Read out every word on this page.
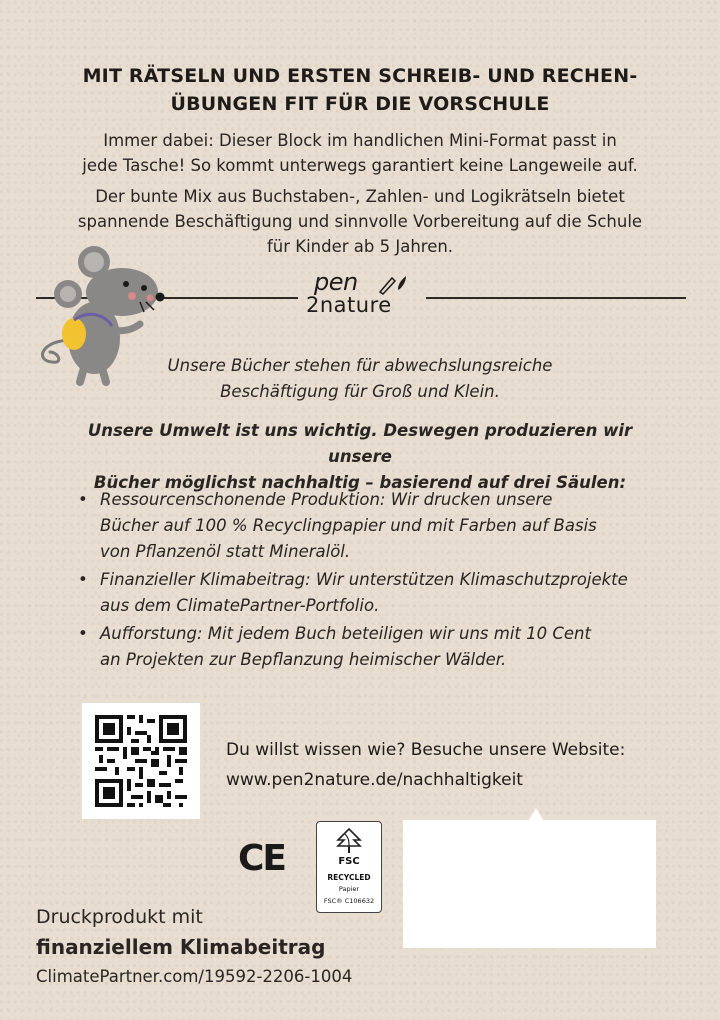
MIT RÄTSELN UND ERSTEN SCHREIB- UND RECHEN-
ÜBUNGEN FIT FÜR DIE VORSCHULE
Immer dabei: Dieser Block im handlichen Mini-Format passt in
jede Tasche! So kommt unterwegs garantiert keine Langeweile auf.
Der bunte Mix aus Buchstaben-, Zahlen- und Logikrätseln bietet
spannende Beschäftigung und sinnvolle Vorbereitung auf die Schule
für Kinder ab 5 Jahren.
pen
2nature
Unsere Bücher stehen für abwechslungsreiche
Beschäftigung für Groß und Klein.
Unsere Umwelt ist uns wichtig. Deswegen produzieren wir unsere
Bücher möglichst nachhaltig – basierend auf drei Säulen:
• Ressourcenschonende Produktion: Wir drucken unsere
Bücher auf 100 % Recyclingpapier und mit Farben auf Basis
von Pflanzenöl statt Mineralöl.
• Finanzieller Klimabeitrag: Wir unterstützen Klimaschutzprojekte
aus dem ClimatePartner-Portfolio.
• Aufforstung: Mit jedem Buch beteiligen wir uns mit 10 Cent
an Projekten zur Bepflanzung heimischer Wälder.
Du willst wissen wie? Besuche unsere Website:
www.pen2nature.de/nachhaltigkeit
CE	FSC
RECYCLED
Papier
FSC® C106632
Druckprodukt mit
finanziellem Klimabeitrag
ClimatePartner.com/19592-2206-1004
